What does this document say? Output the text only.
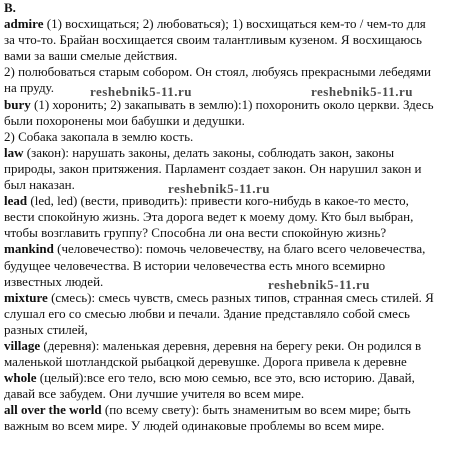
B.
admire (1) восхищаться; 2) любоваться); 1) восхищаться кем-то / чем-то для
за что-то. Брайан восхищается своим талантливым кузеном. Я восхищаюсь
вами за ваши смелые действия.
2) полюбоваться старым собором. Он стоял, любуясь прекрасными лебедями
на пруду.
bury (1) хоронить; 2) закапывать в землю):1) похоронить около церкви. Здесь
были похоронены мои бабушки и дедушки.
2) Собака закопала в землю кость.
law (закон): нарушать законы, делать законы, соблюдать закон, законы
природы, закон притяжения. Парламент создает закон. Он нарушил закон и
был наказан.
lead (led, led) (вести, приводить): привести кого-нибудь в какое-то место,
вести спокойную жизнь. Эта дорога ведет к моему дому. Кто был выбран,
чтобы возглавить группу? Способна ли она вести спокойную жизнь?
mankind (человечество): помочь человечеству, на благо всего человечества,
будущее человечества. В истории человечества есть много всемирно
известных людей.
mixture (смесь): смесь чувств, смесь разных типов, странная смесь стилей. Я
слушал его со смесью любви и печали. Здание представляло собой смесь
разных стилей,
village (деревня): маленькая деревня, деревня на берегу реки. Он родился в
маленькой шотландской рыбацкой деревушке. Дорога привела к деревне
whole (целый):все его тело, всю мою семью, все это, всю историю. Давай,
давай все забудем. Они лучшие учителя во всем мире.
all over the world (по всему свету): быть знаменитым во всем мире; быть
важным во всем мире. У людей одинаковые проблемы во всем мире.
reshebnik5-11.ru	reshebnik5-11.ru
reshebnik5-11.ru
reshebnik5-11.ru
